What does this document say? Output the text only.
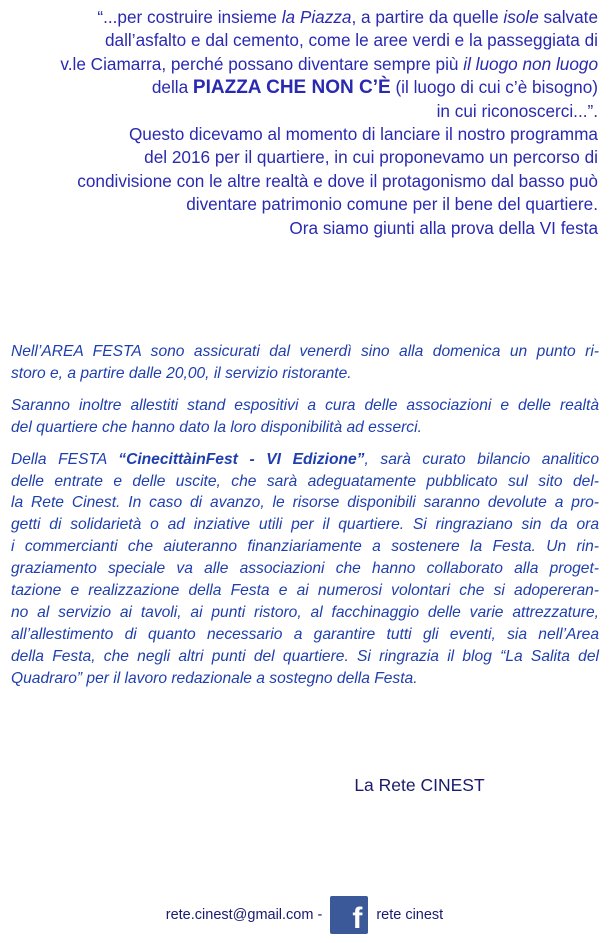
“...per costruire insieme la Piazza, a partire da quelle isole salvate
dall’asfalto e dal cemento, come le aree verdi e la passeggiata di
v.le Ciamarra, perché possano diventare sempre più il luogo non luogo
della PIAZZA CHE NON C’È (il luogo di cui c’è bisogno)
in cui riconoscerci...”.
Questo dicevamo al momento di lanciare il nostro programma
del 2016 per il quartiere, in cui proponevamo un percorso di
condivisione con le altre realtà e dove il protagonismo dal basso può
diventare patrimonio comune per il bene del quartiere.
Ora siamo giunti alla prova della VI festa
Nell’AREA FESTA sono assicurati dal venerdì sino alla domenica un punto ri-
storo e, a partire dalle 20,00, il servizio ristorante.
Saranno inoltre allestiti stand espositivi a cura delle associazioni e delle realtà
del quartiere che hanno dato la loro disponibilità ad esserci.
Della FESTA “CinecittàinFest - VI Edizione”, sarà curato bilancio analitico
delle entrate e delle uscite, che sarà adeguatamente pubblicato sul sito del-
la Rete Cinest. In caso di avanzo, le risorse disponibili saranno devolute a pro-
getti di solidarietà o ad inziative utili per il quartiere. Si ringraziano sin da ora
i commercianti che aiuteranno finanziariamente a sostenere la Festa. Un rin-
graziamento speciale va alle associazioni che hanno collaborato alla proget-
tazione e realizzazione della Festa e ai numerosi volontari che si adopereran-
no al servizio ai tavoli, ai punti ristoro, al facchinaggio delle varie attrezzature,
all’allestimento di quanto necessario a garantire tutti gli eventi, sia nell’Area
della Festa, che negli altri punti del quartiere. Si ringrazia il blog “La Salita del
Quadraro” per il lavoro redazionale a sostegno della Festa.
La Rete CINEST
rete.cinest@gmail.com -	f rete cinest
